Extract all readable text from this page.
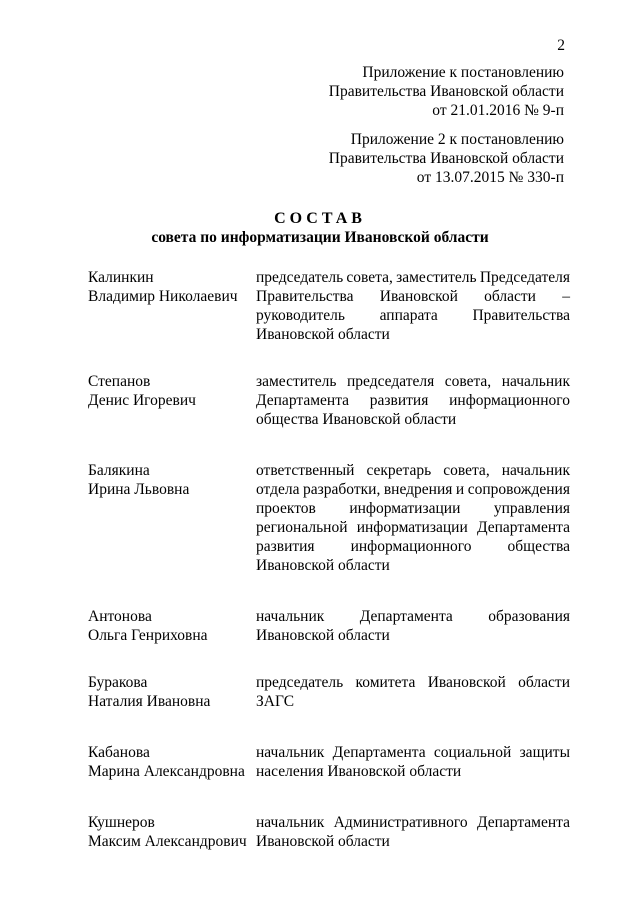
2
Приложение к постановлению
Правительства Ивановской области
от 21.01.2016 № 9-п
Приложение 2 к постановлению
Правительства Ивановской области
от 13.07.2015 № 330-п
СОСТАВ
совета по информатизации Ивановской области
Калинкин
Владимир Николаевич
председатель совета, заместитель Председателя
Правительства Ивановской области –
руководитель аппарата Правительства
Ивановской области
Степанов
Денис Игоревич
заместитель председателя совета, начальник
Департамента развития информационного
общества Ивановской области
Балякина
Ирина Львовна
ответственный секретарь совета, начальник
отдела разработки, внедрения и сопровождения
проектов информатизации управления
региональной информатизации Департамента
развития информационного общества
Ивановской области
Антонова
Ольга Генриховна
начальник Департамента образования
Ивановской области
Буракова
Наталия Ивановна
председатель комитета Ивановской области
ЗАГС
Кабанова
Марина Александровна
начальник Департамента социальной защиты
населения Ивановской области
Кушнеров
Максим Александрович
начальник Административного Департамента
Ивановской области
